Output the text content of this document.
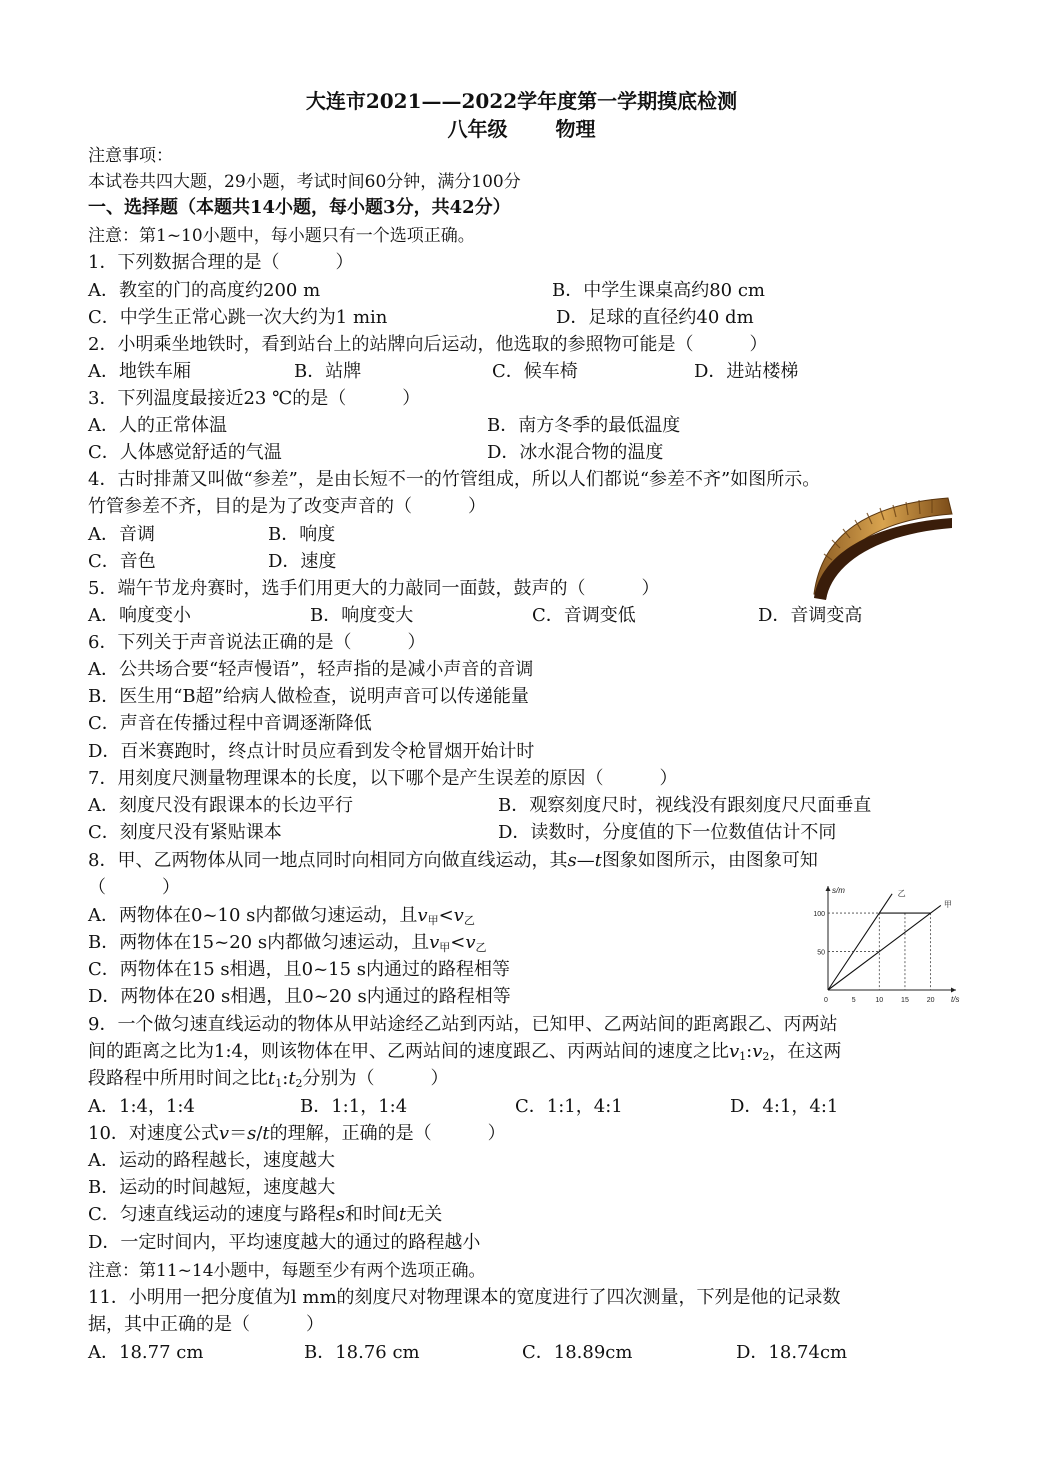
大连市2021——2022学年度第一学期摸底检测
八年级 物理
注意事项：
本试卷共四大题，29小题，考试时间60分钟，满分100分
一、选择题（本题共14小题，每小题3分，共42分）
注意：第1~10小题中，每小题只有一个选项正确。
1．下列数据合理的是（	）
A．教室的门的高度约200 m	B．中学生课桌高约80 cm
C．中学生正常心跳一次大约为1 min	D．足球的直径约40 dm
2．小明乘坐地铁时，看到站台上的站牌向后运动，他选取的参照物可能是（	）
A．地铁车厢	B．站牌	C．候车椅	D．进站楼梯
3．下列温度最接近23 ℃的是（	）
A．人的正常体温	B．南方冬季的最低温度
C．人体感觉舒适的气温	D．冰水混合物的温度
4．古时排萧又叫做“参差”，是由长短不一的竹管组成，所以人们都说“参差不齐”如图所示。
竹管参差不齐，目的是为了改变声音的（	）
A．音调	B．响度
C．音色	D．速度
5．端午节龙舟赛时，选手们用更大的力敲同一面鼓，鼓声的（	）
A．响度变小	B．响度变大	C．音调变低	D．音调变高
6．下列关于声音说法正确的是（	）
A．公共场合要“轻声慢语”，轻声指的是减小声音的音调
B．医生用“B超”给病人做检查，说明声音可以传递能量
C．声音在传播过程中音调逐渐降低
D．百米赛跑时，终点计时员应看到发令枪冒烟开始计时
7．用刻度尺测量物理课本的长度，以下哪个是产生误差的原因（	）
A．刻度尺没有跟课本的长边平行	B．观察刻度尺时，视线没有跟刻度尺尺面垂直
C．刻度尺没有紧贴课本	D．读数时，分度值的下一位数值估计不同
8．甲、乙两物体从同一地点同时向相同方向做直线运动，其s—t图象如图所示，由图象可知
（	）
A．两物体在0~10 s内都做匀速运动，且$v_甲<v_乙$
B．两物体在15~20 s内都做匀速运动，且$v_甲<v_乙$
C．两物体在15 s相遇，且0~15 s内通过的路程相等
D．两物体在20 s相遇，且0~20 s内通过的路程相等
s/m
t/s
100
50
0	5	10	15	20
乙
甲
9．一个做匀速直线运动的物体从甲站途经乙站到丙站，已知甲、乙两站间的距离跟乙、丙两站
间的距离之比为1:4，则该物体在甲、乙两站间的速度跟乙、丙两站间的速度之比$v_1:v_2$，在这两
段路程中所用时间之比$t_1:t_2$分别为（	）
A．1:4，1:4	B．1:1，1:4	C．1:1，4:1	D．4:1，4:1
10．对速度公式v＝s/t的理解，正确的是（	）
A．运动的路程越长，速度越大
B．运动的时间越短，速度越大
C．匀速直线运动的速度与路程s和时间t无关
D．一定时间内，平均速度越大的通过的路程越小
注意：第11~14小题中，每题至少有两个选项正确。
11．小明用一把分度值为l mm的刻度尺对物理课本的宽度进行了四次测量，下列是他的记录数
据，其中正确的是（	）
A．18.77 cm	B．18.76 cm	C．18.89cm	D．18.74cm
